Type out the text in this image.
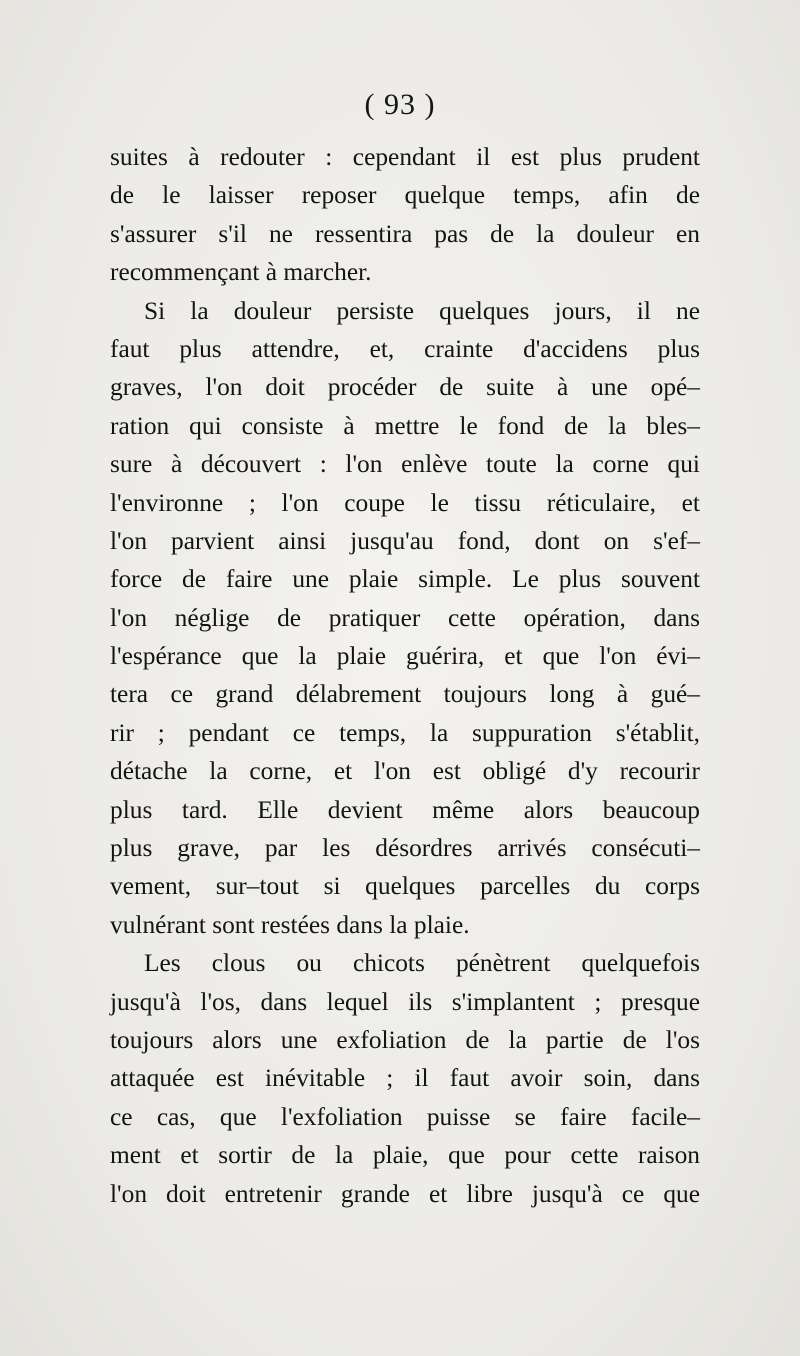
( 93 )
suites à redouter : cependant il est plus prudent
de le laisser reposer quelque temps, afin de
s'assurer s'il ne ressentira pas de la douleur en
recommençant à marcher.
Si la douleur persiste quelques jours, il ne
faut plus attendre, et, crainte d'accidens plus
graves, l'on doit procéder de suite à une opé–
ration qui consiste à mettre le fond de la bles–
sure à découvert : l'on enlève toute la corne qui
l'environne ; l'on coupe le tissu réticulaire, et
l'on parvient ainsi jusqu'au fond, dont on s'ef–
force de faire une plaie simple. Le plus souvent
l'on néglige de pratiquer cette opération, dans
l'espérance que la plaie guérira, et que l'on évi–
tera ce grand délabrement toujours long à gué–
rir ; pendant ce temps, la suppuration s'établit,
détache la corne, et l'on est obligé d'y recourir
plus tard. Elle devient même alors beaucoup
plus grave, par les désordres arrivés consécuti–
vement, sur–tout si quelques parcelles du corps
vulnérant sont restées dans la plaie.
Les clous ou chicots pénètrent quelquefois
jusqu'à l'os, dans lequel ils s'implantent ; presque
toujours alors une exfoliation de la partie de l'os
attaquée est inévitable ; il faut avoir soin, dans
ce cas, que l'exfoliation puisse se faire facile–
ment et sortir de la plaie, que pour cette raison
l'on doit entretenir grande et libre jusqu'à ce que
